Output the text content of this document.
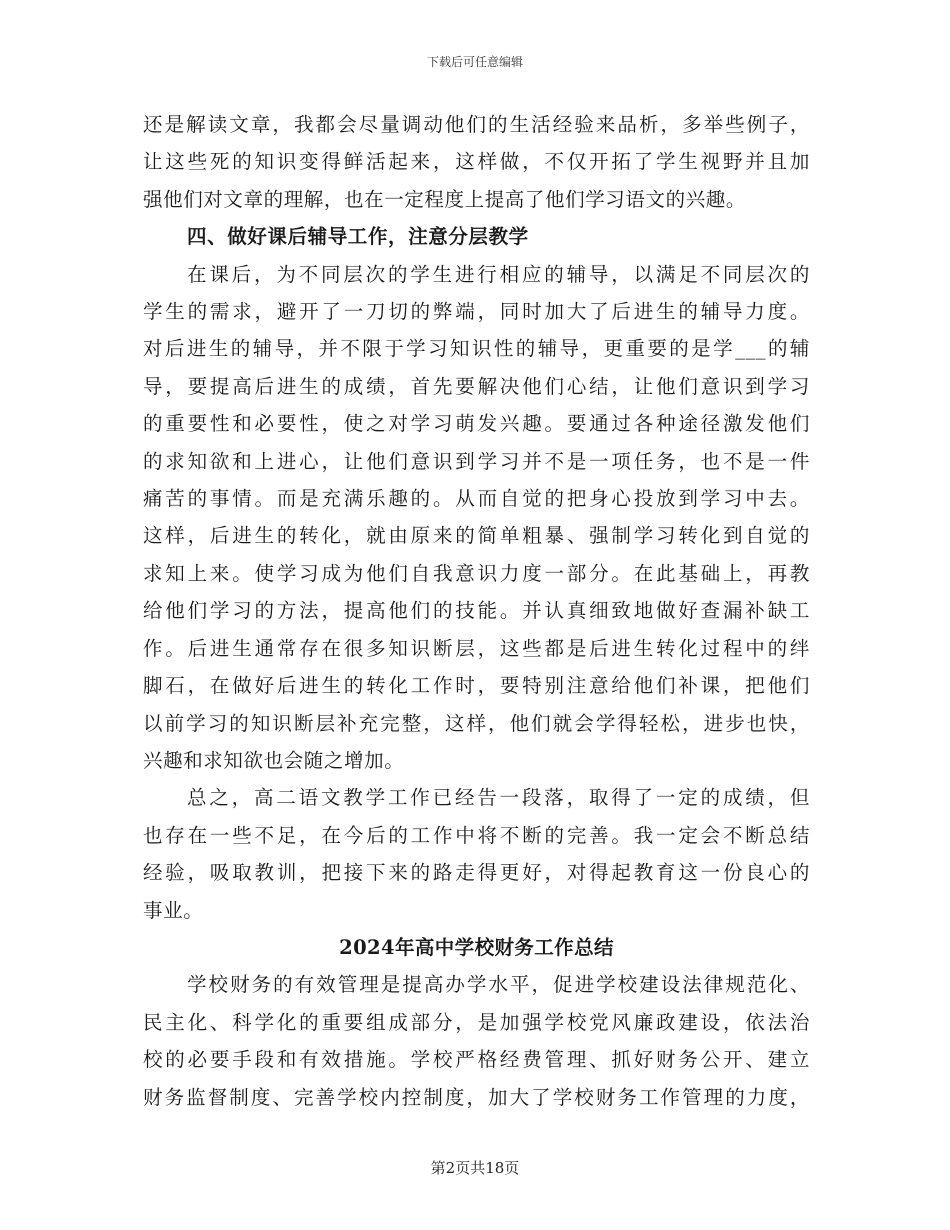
下载后可任意编辑

还是解读文章，我都会尽量调动他们的生活经验来品析，多举些例子，
让这些死的知识变得鲜活起来，这样做，不仅开拓了学生视野并且加
强他们对文章的理解，也在一定程度上提高了他们学习语文的兴趣。

四、做好课后辅导工作，注意分层教学

在课后，为不同层次的学生进行相应的辅导，以满足不同层次的
学生的需求，避开了一刀切的弊端，同时加大了后进生的辅导力度。
对后进生的辅导，并不限于学习知识性的辅导，更重要的是学___的辅
导，要提高后进生的成绩，首先要解决他们心结，让他们意识到学习
的重要性和必要性，使之对学习萌发兴趣。要通过各种途径激发他们
的求知欲和上进心，让他们意识到学习并不是一项任务，也不是一件
痛苦的事情。而是充满乐趣的。从而自觉的把身心投放到学习中去。
这样，后进生的转化，就由原来的简单粗暴、强制学习转化到自觉的
求知上来。使学习成为他们自我意识力度一部分。在此基础上，再教
给他们学习的方法，提高他们的技能。并认真细致地做好查漏补缺工
作。后进生通常存在很多知识断层，这些都是后进生转化过程中的绊
脚石，在做好后进生的转化工作时，要特别注意给他们补课，把他们
以前学习的知识断层补充完整，这样，他们就会学得轻松，进步也快，
兴趣和求知欲也会随之增加。

总之，高二语文教学工作已经告一段落，取得了一定的成绩，但
也存在一些不足，在今后的工作中将不断的完善。我一定会不断总结
经验，吸取教训，把接下来的路走得更好，对得起教育这一份良心的
事业。

2024年高中学校财务工作总结

学校财务的有效管理是提高办学水平，促进学校建设法律规范化、
民主化、科学化的重要组成部分，是加强学校党风廉政建设，依法治
校的必要手段和有效措施。学校严格经费管理、抓好财务公开、建立
财务监督制度、完善学校内控制度，加大了学校财务工作管理的力度，

第2页共18页
